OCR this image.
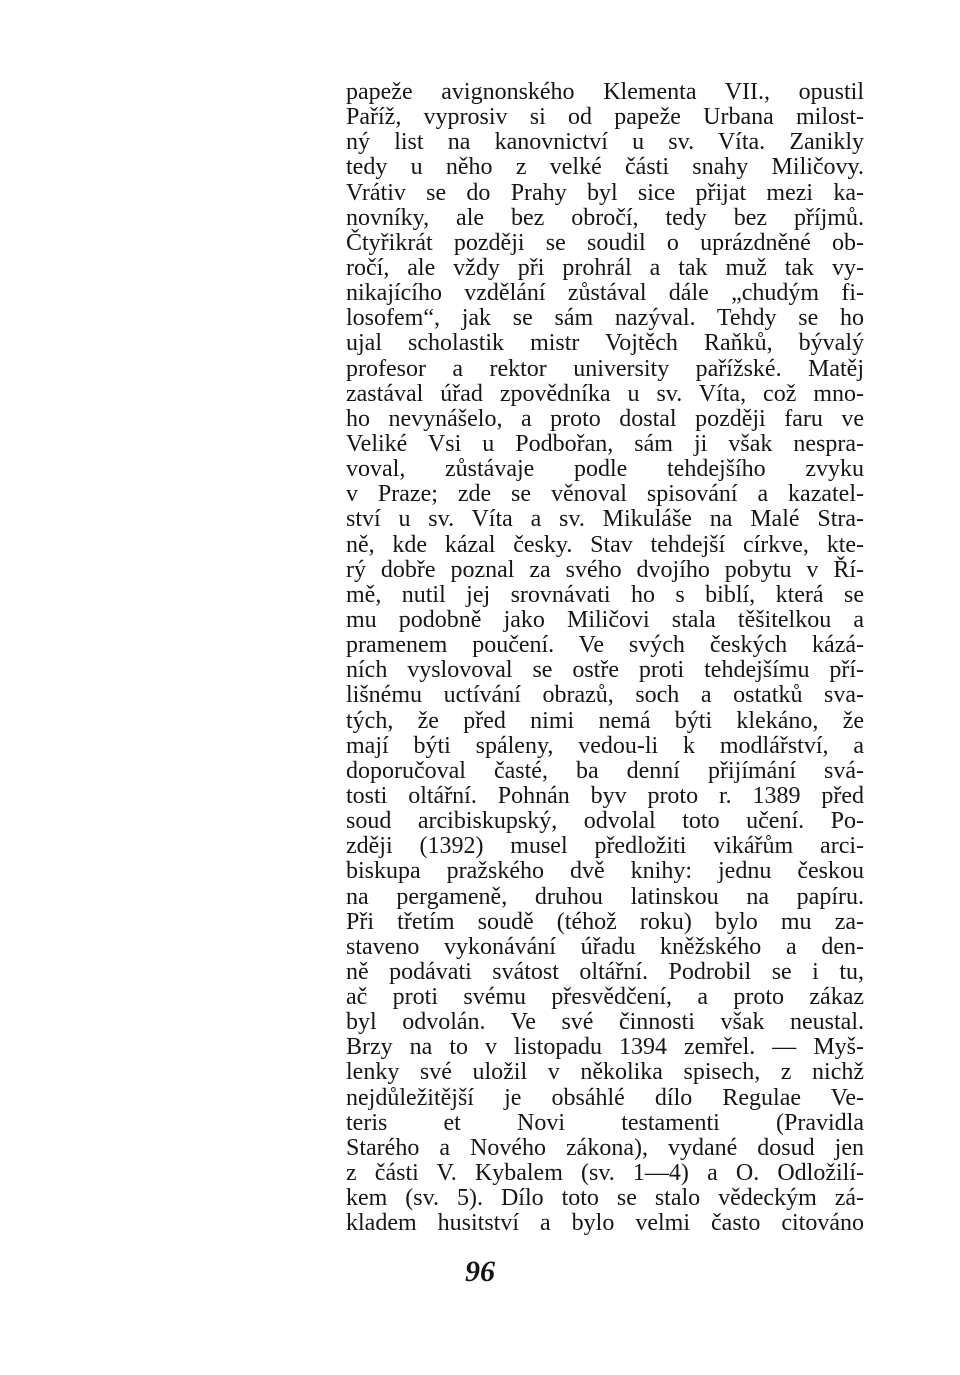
papeže avignonského Klementa VII., opustil
Paříž, vyprosiv si od papeže Urbana milost-
ný list na kanovnictví u sv. Víta. Zanikly
tedy u něho z velké části snahy Miličovy.
Vrátiv se do Prahy byl sice přijat mezi ka-
novníky, ale bez obročí, tedy bez příjmů.
Čtyřikrát později se soudil o uprázdněné ob-
ročí, ale vždy při prohrál a tak muž tak vy-
nikajícího vzdělání zůstával dále „chudým fi-
losofem“, jak se sám nazýval. Tehdy se ho
ujal scholastik mistr Vojtěch Raňků, bývalý
profesor a rektor university pařížské. Matěj
zastával úřad zpovědníka u sv. Víta, což mno-
ho nevynášelo, a proto dostal později faru ve
Veliké Vsi u Podbořan, sám ji však nespra-
voval, zůstávaje podle tehdejšího zvyku
v Praze; zde se věnoval spisování a kazatel-
ství u sv. Víta a sv. Mikuláše na Malé Stra-
ně, kde kázal česky. Stav tehdejší církve, kte-
rý dobře poznal za svého dvojího pobytu v Ří-
mě, nutil jej srovnávati ho s biblí, která se
mu podobně jako Miličovi stala těšitelkou a
pramenem poučení. Ve svých českých kázá-
ních vyslovoval se ostře proti tehdejšímu pří-
lišnému uctívání obrazů, soch a ostatků sva-
tých, že před nimi nemá býti klekáno, že
mají býti spáleny, vedou-li k modlářství, a
doporučoval časté, ba denní přijímání svá-
tosti oltářní. Pohnán byv proto r. 1389 před
soud arcibiskupský, odvolal toto učení. Po-
zději (1392) musel předložiti vikářům arci-
biskupa pražského dvě knihy: jednu českou
na pergameně, druhou latinskou na papíru.
Při třetím soudě (téhož roku) bylo mu za-
staveno vykonávání úřadu kněžského a den-
ně podávati svátost oltářní. Podrobil se i tu,
ač proti svému přesvědčení, a proto zákaz
byl odvolán. Ve své činnosti však neustal.
Brzy na to v listopadu 1394 zemřel. — Myš-
lenky své uložil v několika spisech, z nichž
nejdůležitější je obsáhlé dílo Regulae Ve-
teris et Novi testamenti (Pravidla
Starého a Nového zákona), vydané dosud jen
z části V. Kybalem (sv. 1—4) a O. Odložilí-
kem (sv. 5). Dílo toto se stalo vědeckým zá-
kladem husitství a bylo velmi často citováno
96
